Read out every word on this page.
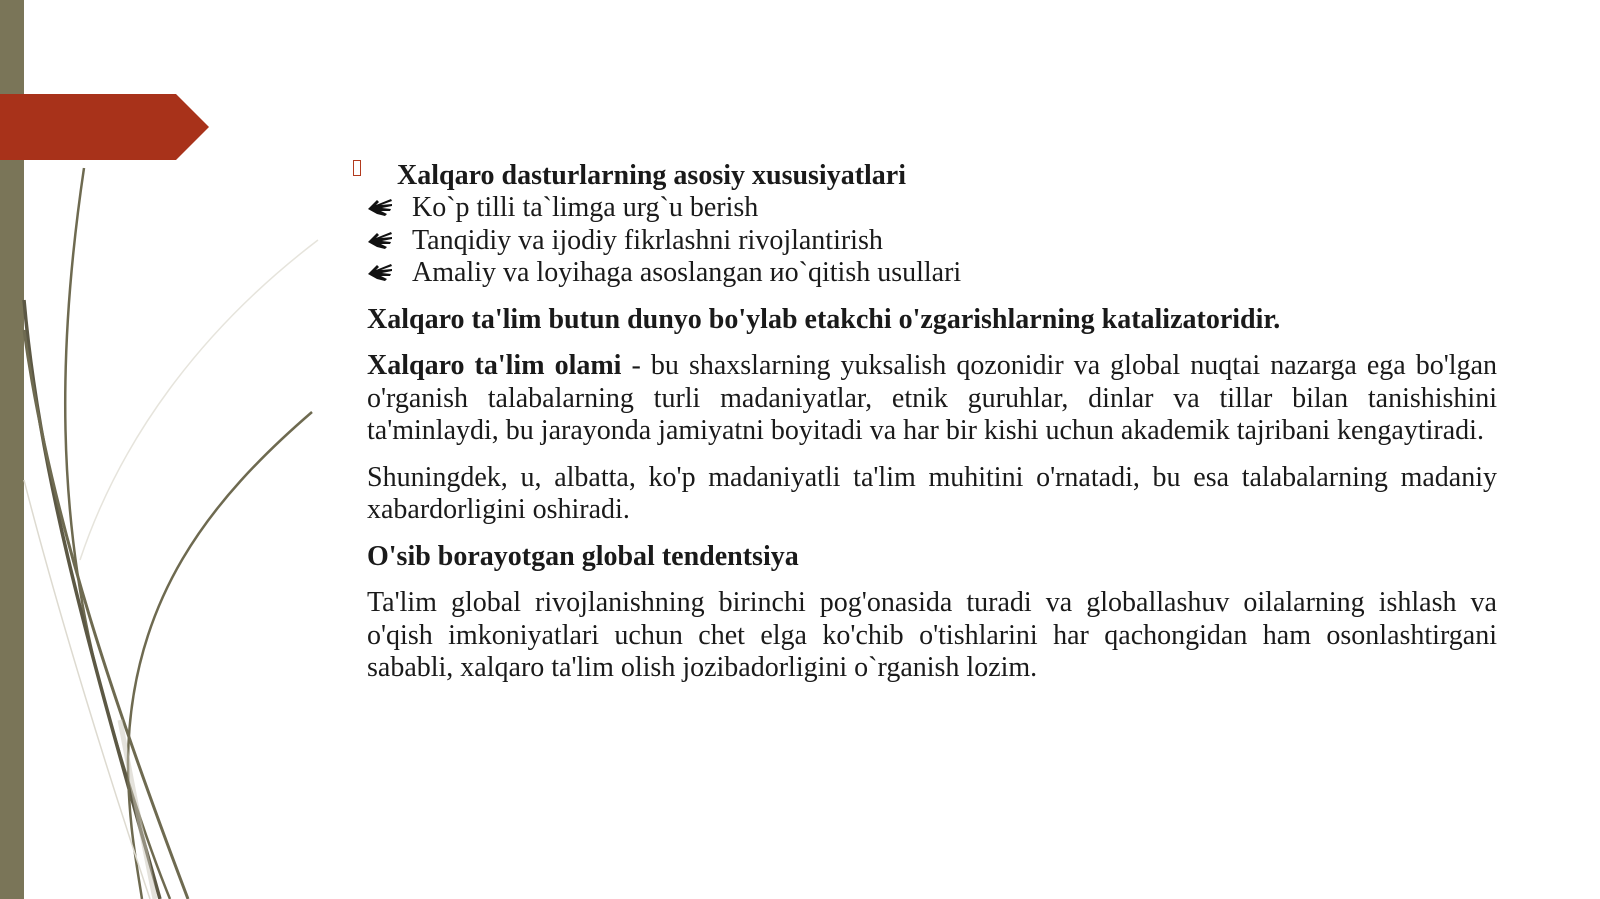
Xalqaro dasturlarning asosiy xususiyatlari
Ko`p tilli ta`limga urg`u berish
Tanqidiy va ijodiy fikrlashni rivojlantirish
Amaliy va loyihaga asoslangan иo`qitish usullari

Xalqaro ta'lim butun dunyo bo'ylab etakchi o'zgarishlarning katalizatoridir.

Xalqaro ta'lim olami - bu shaxslarning yuksalish qozonidir va global nuqtai nazarga ega bo'lgan o'rganish talabalarning turli madaniyatlar, etnik guruhlar, dinlar va tillar bilan tanishishini ta'minlaydi, bu jarayonda jamiyatni boyitadi va har bir kishi uchun akademik tajribani kengaytiradi.

Shuningdek, u, albatta, ko'p madaniyatli ta'lim muhitini o'rnatadi, bu esa talabalarning madaniy xabardorligini oshiradi.

O'sib borayotgan global tendentsiya

Ta'lim global rivojlanishning birinchi pog'onasida turadi va globallashuv oilalarning ishlash va o'qish imkoniyatlari uchun chet elga ko'chib o'tishlarini har qachongidan ham osonlashtirgani sababli, xalqaro ta'lim olish jozibadorligini o`rganish lozim.
